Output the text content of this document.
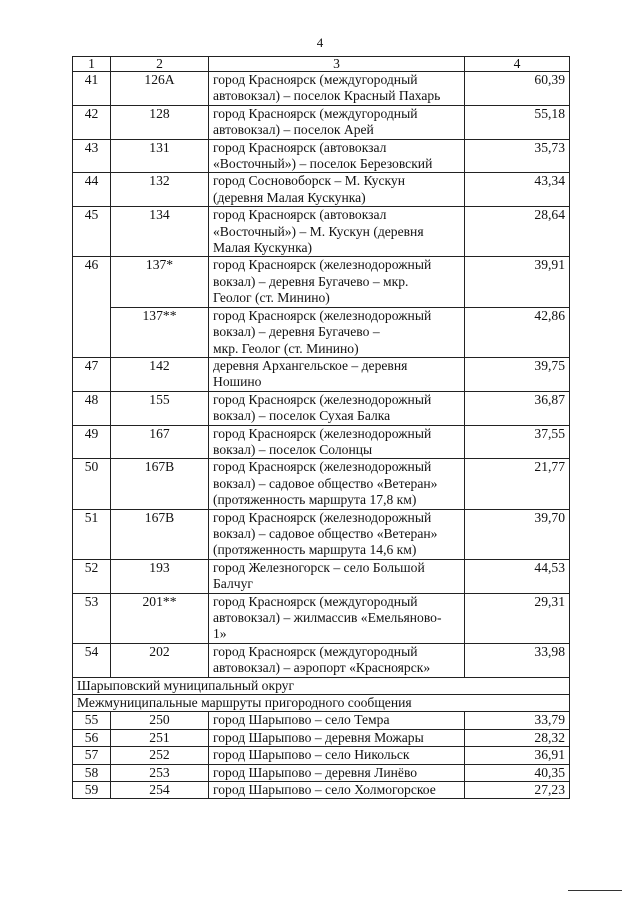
4
1	2	3	4
41	126А	город Красноярск (междугородный
автовокзал) – поселок Красный Пахарь	60,39
42	128	город Красноярск (междугородный
автовокзал) – поселок Арей	55,18
43	131	город Красноярск (автовокзал
«Восточный») – поселок Березовский	35,73
44	132	город Сосновоборск – М. Кускун
(деревня Малая Кускунка)	43,34
45	134	город Красноярск (автовокзал
«Восточный») – М. Кускун (деревня
Малая Кускунка)	28,64
46	137*	город Красноярск (железнодорожный
вокзал) – деревня Бугачево – мкр.
Геолог (ст. Минино)	39,91
	137**	город Красноярск (железнодорожный
вокзал) – деревня Бугачево –
мкр. Геолог (ст. Минино)	42,86
47	142	деревня Архангельское – деревня
Ношино	39,75
48	155	город Красноярск (железнодорожный
вокзал) – поселок Сухая Балка	36,87
49	167	город Красноярск (железнодорожный
вокзал) – поселок Солонцы	37,55
50	167В	город Красноярск (железнодорожный
вокзал) – садовое общество «Ветеран»
(протяженность маршрута 17,8 км)	21,77
51	167В	город Красноярск (железнодорожный
вокзал) – садовое общество «Ветеран»
(протяженность маршрута 14,6 км)	39,70
52	193	город Железногорск – село Большой
Балчуг	44,53
53	201**	город Красноярск (междугородный
автовокзал) – жилмассив «Емельяново-
1»	29,31
54	202	город Красноярск (междугородный
автовокзал) – аэропорт «Красноярск»	33,98
Шарыповский муниципальный округ			
Межмуниципальные маршруты пригородного сообщения			
55	250	город Шарыпово – село Темра	33,79
56	251	город Шарыпово – деревня Можары	28,32
57	252	город Шарыпово – село Никольск	36,91
58	253	город Шарыпово – деревня Линёво	40,35
59	254	город Шарыпово – село Холмогорское	27,23
